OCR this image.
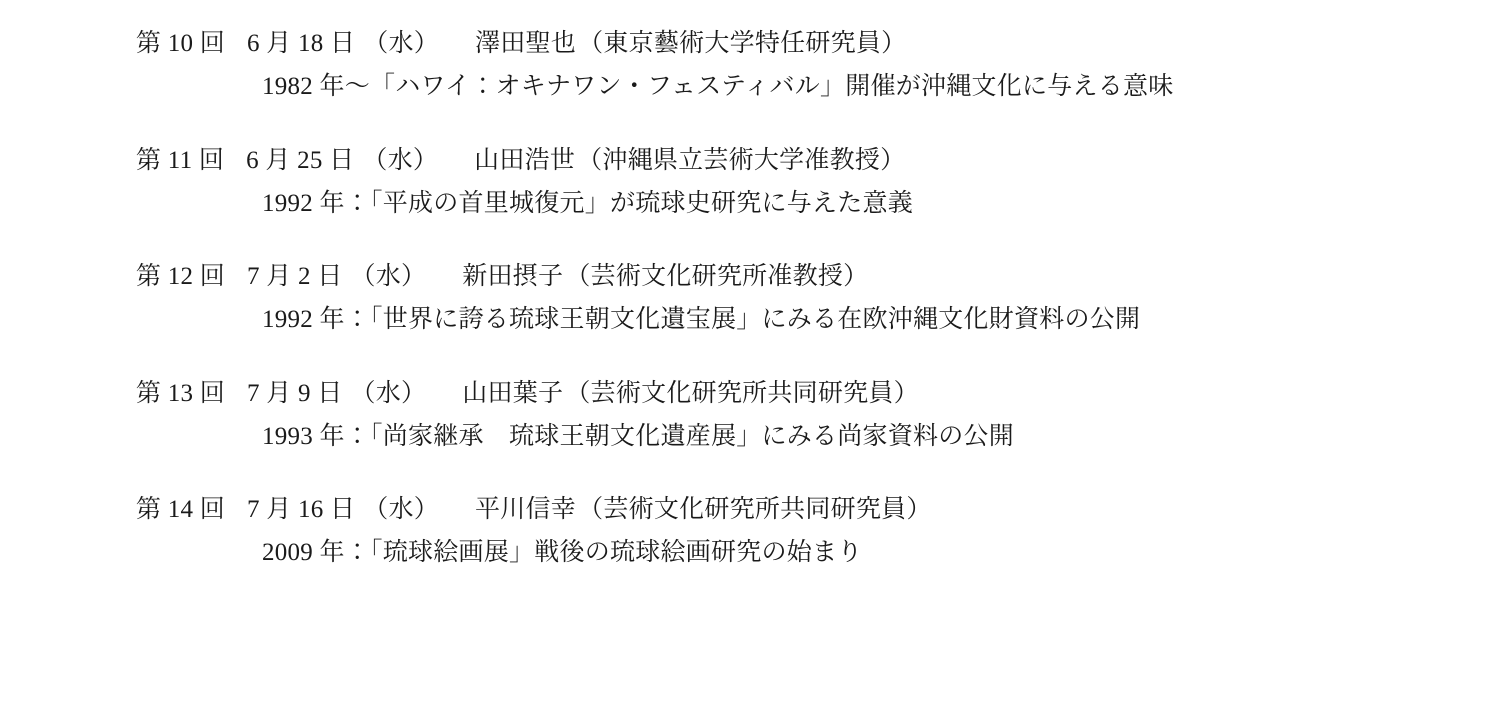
第 10 回 6 月 18 日 （水） 澤田聖也（東京藝術大学特任研究員）
1982 年〜「ハワイ：オキナワン・フェスティバル」開催が沖縄文化に与える意味
第 11 回 6 月 25 日 （水） 山田浩世（沖縄県立芸術大学准教授）
1992 年：「平成の首里城復元」が琉球史研究に与えた意義
第 12 回 7 月 2 日 （水） 新田摂子（芸術文化研究所准教授）
1992 年：「世界に誇る琉球王朝文化遺宝展」にみる在欧沖縄文化財資料の公開
第 13 回 7 月 9 日 （水） 山田葉子（芸術文化研究所共同研究員）
1993 年：「尚家継承　琉球王朝文化遺産展」にみる尚家資料の公開
第 14 回 7 月 16 日 （水） 平川信幸（芸術文化研究所共同研究員）
2009 年：「琉球絵画展」戦後の琉球絵画研究の始まり
